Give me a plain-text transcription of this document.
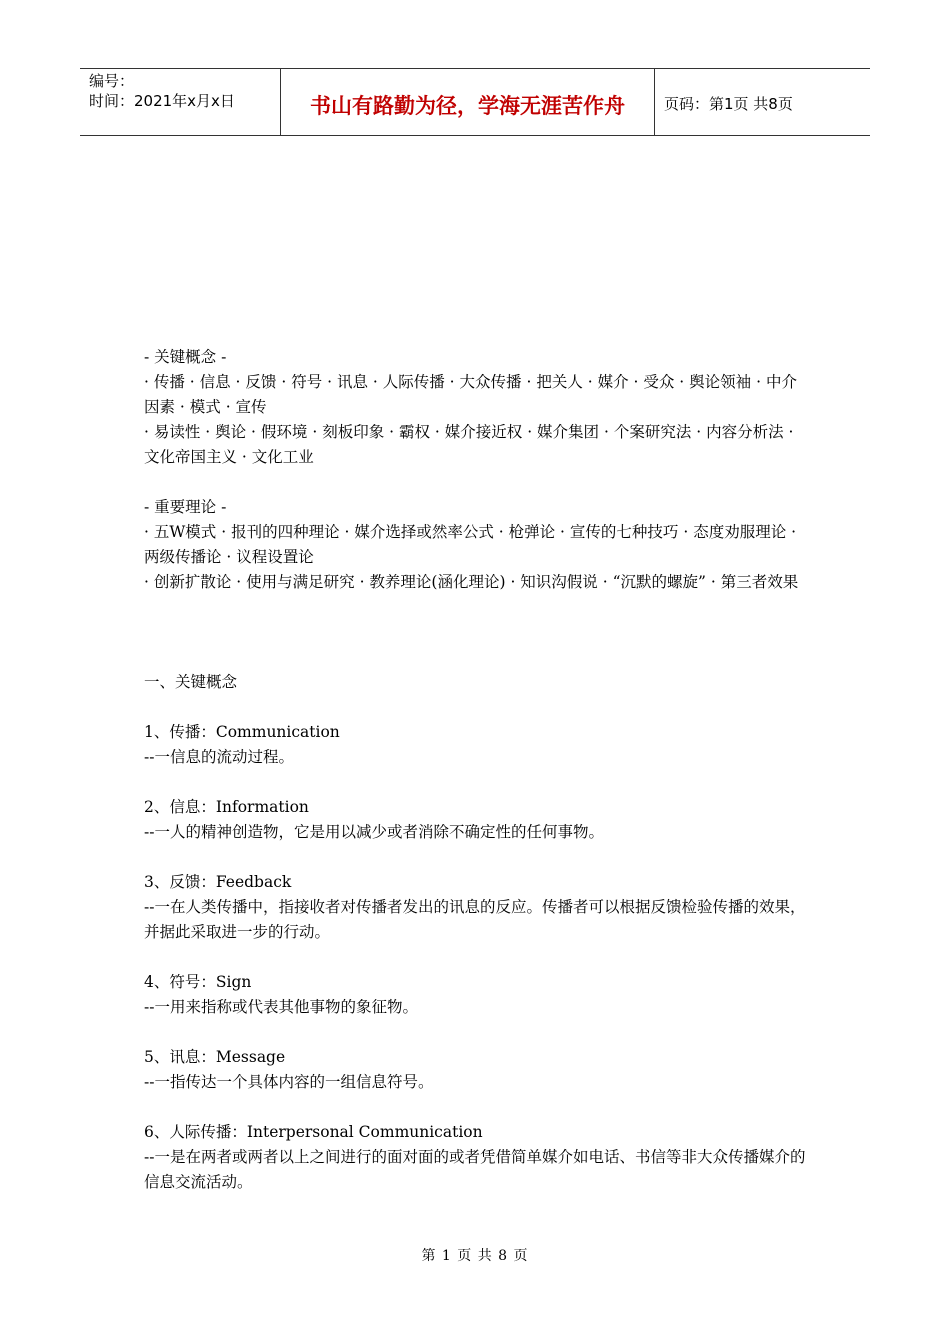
编号：
时间：2021年x月x日	书山有路勤为径，学海无涯苦作舟	页码：第1页 共8页

- 关键概念 -

· 传播 · 信息 · 反馈 · 符号 · 讯息 · 人际传播 · 大众传播 · 把关人 · 媒介 · 受众 · 舆论领袖 · 中介因素 · 模式 · 宣传

· 易读性 · 舆论 · 假环境 · 刻板印象 · 霸权 · 媒介接近权 · 媒介集团 · 个案研究法 · 内容分析法 · 文化帝国主义 · 文化工业

- 重要理论 -

· 五W模式 · 报刊的四种理论 · 媒介选择或然率公式 · 枪弹论 · 宣传的七种技巧 · 态度劝服理论 · 两级传播论 · 议程设置论

· 创新扩散论 · 使用与满足研究 · 教养理论(涵化理论) · 知识沟假说 · “沉默的螺旋” · 第三者效果

一、关键概念

1、传播：Communication

--一信息的流动过程。

2、信息：Information

--一人的精神创造物，它是用以减少或者消除不确定性的任何事物。

3、反馈：Feedback

--一在人类传播中，指接收者对传播者发出的讯息的反应。传播者可以根据反馈检验传播的效果，并据此采取进一步的行动。

4、符号：Sign

--一用来指称或代表其他事物的象征物。

5、讯息：Message

--一指传达一个具体内容的一组信息符号。

6、人际传播：Interpersonal Communication

--一是在两者或两者以上之间进行的面对面的或者凭借简单媒介如电话、书信等非大众传播媒介的信息交流活动。

第 1 页 共 8 页
